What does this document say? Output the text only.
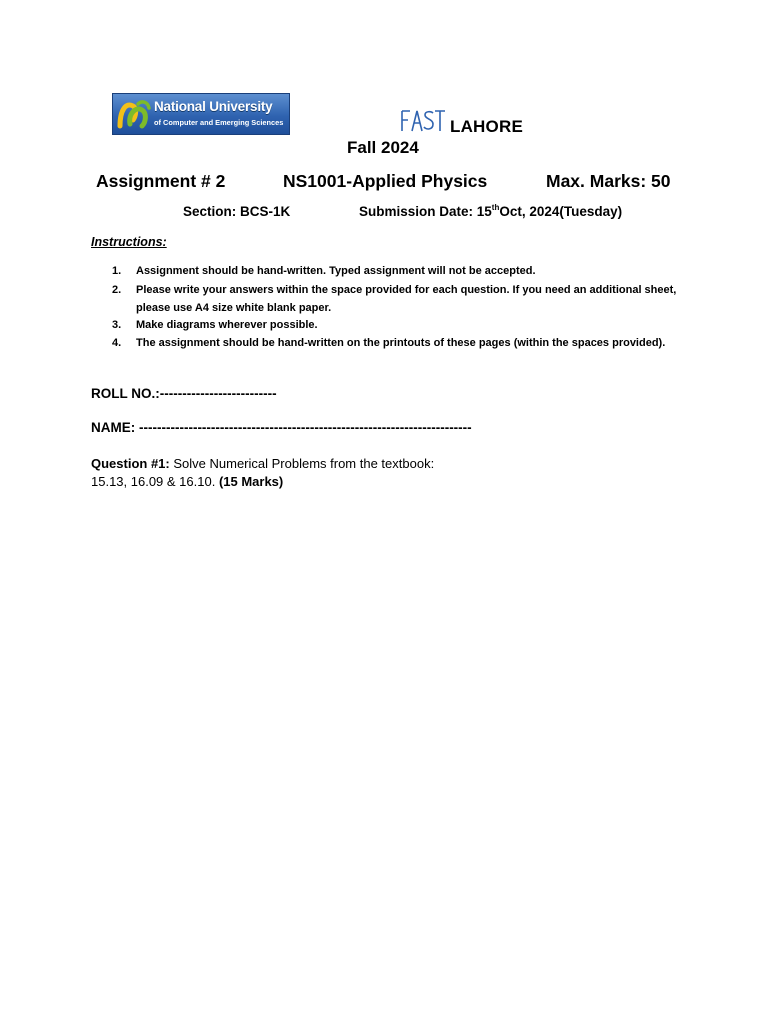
National University
of Computer and Emerging Sciences	LAHORE
Fall 2024
Assignment # 2	NS1001-Applied Physics	Max. Marks: 50
Section: BCS-1K	Submission Date: 15thOct, 2024(Tuesday)
Instructions:
1. Assignment should be hand-written. Typed assignment will not be accepted.
2. Please write your answers within the space provided for each question. If you need an additional sheet, please use A4 size white blank paper.
3. Make diagrams wherever possible.
4. The assignment should be hand-written on the printouts of these pages (within the spaces provided).
ROLL NO.:--------------------------
NAME: --------------------------------------------------------------------------
Question #1: Solve Numerical Problems from the textbook:
15.13, 16.09 & 16.10. (15 Marks)
